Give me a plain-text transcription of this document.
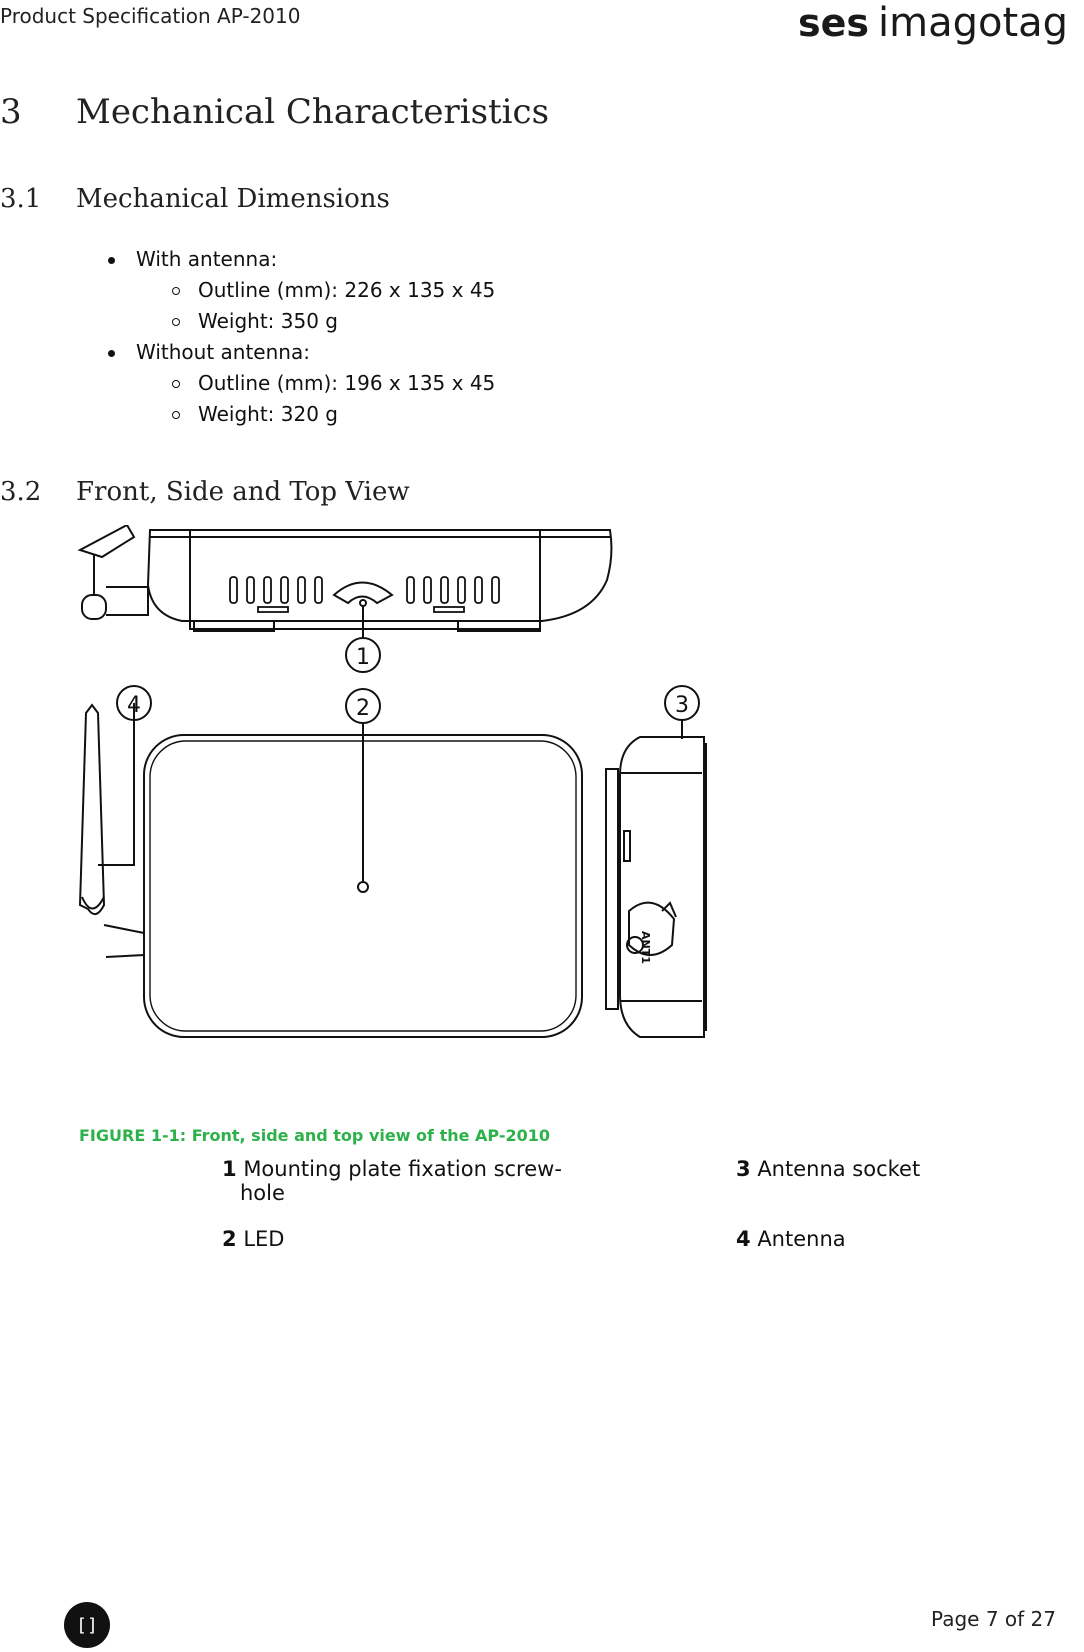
Product Specification AP-2010	ses imagotag
3 Mechanical Characteristics
3.1 Mechanical Dimensions
With antenna:
Outline (mm): 226 x 135 x 45
Weight: 350 g
Without antenna:
Outline (mm): 196 x 135 x 45
Weight: 320 g
3.2 Front, Side and Top View
1
2
4
ANT1
3
FIGURE 1-1: Front, side and top view of the AP-2010
1 Mounting plate fixation screw-
hole
2 LED
3 Antenna socket
4 Antenna
[]	Page 7 of 27
